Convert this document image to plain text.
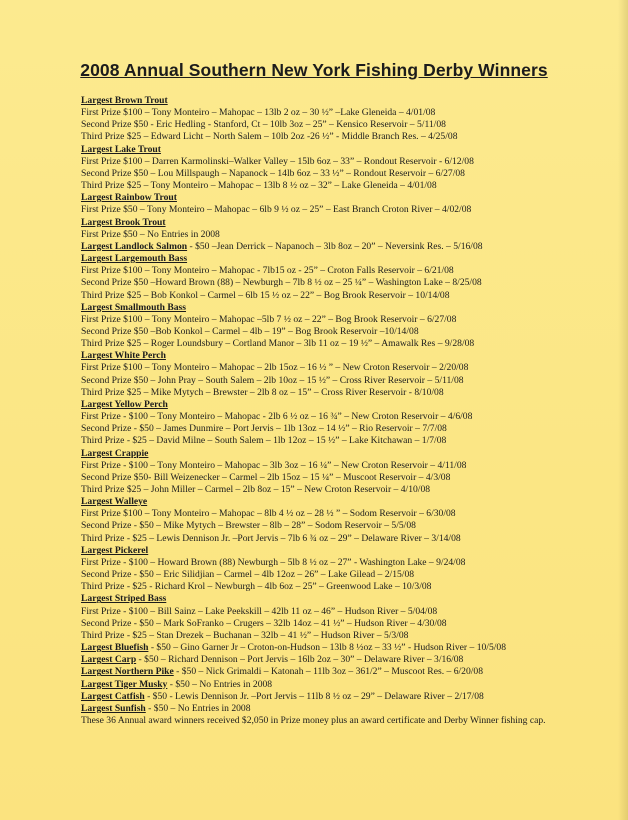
2008 Annual Southern New York Fishing Derby Winners
Largest Brown Trout
First Prize $100 – Tony Monteiro – Mahopac – 13lb 2 oz – 30 ½” –Lake Gleneida – 4/01/08
Second Prize $50 - Eric Hedling - Stanford, Ct – 10lb 3oz – 25” – Kensico Reservoir – 5/11/08
Third Prize $25 – Edward Licht – North Salem – 10lb 2oz -26 ½” - Middle Branch Res. – 4/25/08
Largest Lake Trout
First Prize $100 – Darren Karmolinski–Walker Valley – 15lb 6oz – 33” – Rondout Reservoir - 6/12/08
Second Prize $50 – Lou Millspaugh – Napanock – 14lb 6oz – 33 ½” – Rondout Reservoir – 6/27/08
Third Prize $25 – Tony Monteiro – Mahopac – 13lb 8 ½ oz – 32” – Lake Gleneida – 4/01/08
Largest Rainbow Trout
First Prize $50 – Tony Monteiro – Mahopac – 6lb 9 ½ oz – 25” – East Branch Croton River – 4/02/08
Largest Brook Trout
First Prize $50 – No Entries in 2008
Largest Landlock Salmon - $50 –Jean Derrick – Napanoch – 3lb 8oz – 20” – Neversink Res. – 5/16/08
Largest Largemouth Bass
First Prize $100 – Tony Monteiro – Mahopac - 7lb15 oz - 25” – Croton Falls Reservoir – 6/21/08
Second Prize $50 –Howard Brown (88) – Newburgh – 7lb 8 ½ oz – 25 ¼” – Washington Lake – 8/25/08
Third Prize $25 – Bob Konkol – Carmel – 6lb 15 ½ oz – 22” – Bog Brook Reservoir – 10/14/08
Largest Smallmouth Bass
First Prize $100 – Tony Monteiro – Mahopac –5lb 7 ½ oz – 22” – Bog Brook Reservoir – 6/27/08
Second Prize $50 –Bob Konkol – Carmel – 4lb – 19” – Bog Brook Reservoir –10/14/08
Third Prize $25 – Roger Loundsbury – Cortland Manor – 3lb 11 oz – 19 ½” – Amawalk Res – 9/28/08
Largest White Perch
First Prize $100 – Tony Monteiro – Mahopac – 2lb 15oz – 16 ½ ” – New Croton Reservoir – 2/20/08
Second Prize $50 – John Pray – South Salem – 2lb 10oz – 15 ½” – Cross River Reservoir – 5/11/08
Third Prize $25 – Mike Mytych – Brewster – 2lb 8 oz – 15” – Cross River Reservoir - 8/10/08
Largest Yellow Perch
First Prize - $100 – Tony Monteiro – Mahopac - 2lb 6 ½ oz – 16 ¾” – New Croton Reservoir – 4/6/08
Second Prize - $50 – James Dunmire – Port Jervis – 1lb 13oz – 14 ½” – Rio Reservoir – 7/7/08
Third Prize - $25 – David Milne – South Salem – 1lb 12oz – 15 ½” – Lake Kitchawan – 1/7/08
Largest Crappie
First Prize - $100 – Tony Monteiro – Mahopac – 3lb 3oz – 16 ¼” – New Croton Reservoir – 4/11/08
Second Prize $50- Bill Weizenecker – Carmel – 2lb 15oz – 15 ¼” – Muscoot Reservoir – 4/3/08
Third Prize $25 – John Miller – Carmel – 2lb 8oz – 15” – New Croton Reservoir – 4/10/08
Largest Walleye
First Prize $100 – Tony Monteiro – Mahopac – 8lb 4 ½ oz – 28 ½ ” – Sodom Reservoir – 6/30/08
Second Prize - $50 – Mike Mytych – Brewster – 8lb – 28” – Sodom Reservoir – 5/5/08
Third Prize - $25 – Lewis Dennison Jr. –Port Jervis – 7lb 6 ¾ oz – 29” – Delaware River – 3/14/08
Largest Pickerel
First Prize - $100 – Howard Brown (88) Newburgh – 5lb 8 ½ oz – 27” - Washington Lake – 9/24/08
Second Prize - $50 – Eric Silidjian – Carmel – 4lb 12oz – 26” – Lake Gilead – 2/15/08
Third Prize - $25 - Richard Krol – Newburgh – 4lb 6oz – 25” – Greenwood Lake – 10/3/08
Largest Striped Bass
First Prize - $100 – Bill Sainz – Lake Peekskill – 42lb 11 oz – 46” – Hudson River – 5/04/08
Second Prize - $50 – Mark SoFranko – Crugers – 32lb 14oz – 41 ½” – Hudson River – 4/30/08
Third Prize - $25 – Stan Drezek – Buchanan – 32lb – 41 ½” – Hudson River – 5/3/08
Largest Bluefish - $50 – Gino Garner Jr – Croton-on-Hudson – 13lb 8 ½oz – 33 ½” - Hudson River – 10/5/08
Largest Carp - $50 – Richard Dennison – Port Jervis – 16lb 2oz – 30” – Delaware River – 3/16/08
Largest Northern Pike - $50 – Nick Grimaldi – Katonah – 11lb 3oz – 361/2” – Muscoot Res. – 6/20/08
Largest Tiger Musky - $50 – No Entries in 2008
Largest Catfish - $50 - Lewis Dennison Jr. –Port Jervis – 11lb 8 ½ oz – 29” – Delaware River – 2/17/08
Largest Sunfish - $50 – No Entries in 2008
These 36 Annual award winners received $2,050 in Prize money plus an award certificate and Derby Winner fishing cap.
